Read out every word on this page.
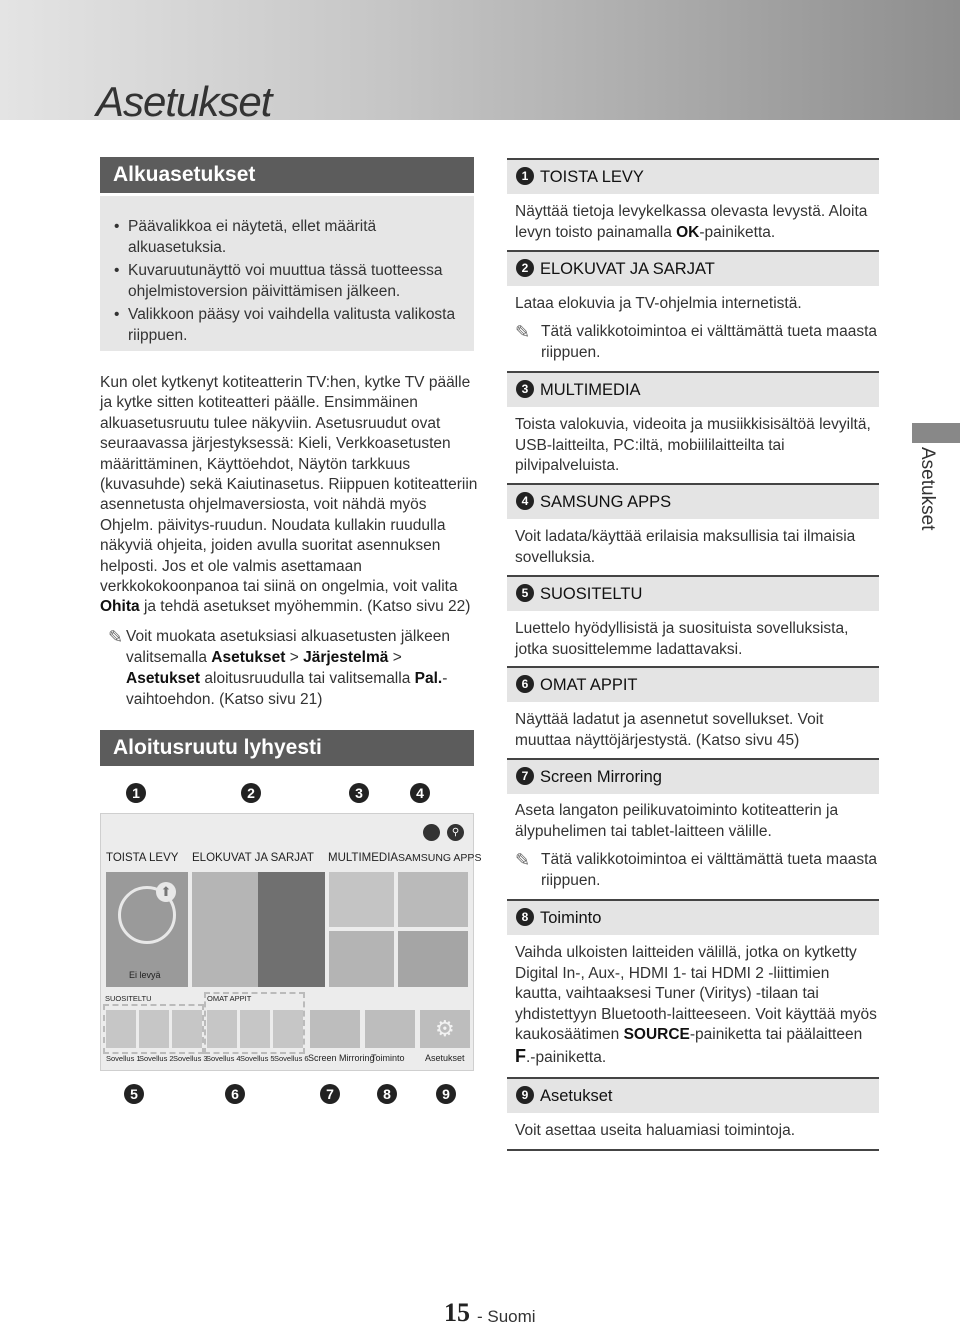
Asetukset
Alkuasetukset
• Päävalikkoa ei näytetä, ellet määritä alkuasetuksia.
• Kuvaruutunäyttö voi muuttua tässä tuotteessa ohjelmistoversion päivittämisen jälkeen.
• Valikkoon pääsy voi vaihdella valitusta valikosta riippuen.
Kun olet kytkenyt kotiteatterin TV:hen, kytke TV päälle ja kytke sitten kotiteatteri päälle. Ensimmäinen alkuasetusruutu tulee näkyviin. Asetusruudut ovat seuraavassa järjestyksessä: Kieli, Verkkoasetusten määrittäminen, Käyttöehdot, Näytön tarkkuus (kuvasuhde) sekä Kaiutinasetus. Riippuen kotiteatteriin asennetusta ohjelmaversiosta, voit nähdä myös Ohjelm. päivitys-ruudun. Noudata kullakin ruudulla näkyviä ohjeita, joiden avulla suoritat asennuksen helposti. Jos et ole valmis asettamaan verkkokokoonpanoa tai siinä on ongelmia, voit valita Ohita ja tehdä asetukset myöhemmin. (Katso sivu 22)
✎ Voit muokata asetuksiasi alkuasetusten jälkeen valitsemalla Asetukset > Järjestelmä > Asetukset aloitusruudulla tai valitsemalla Pal.-vaihtoehdon. (Katso sivu 21)
Aloitusruutu lyhyesti
1	2	3	4
⚲
TOISTA LEVY ELOKUVAT JA SARJAT MULTIMEDIA SAMSUNG APPS
⬆
Ei levyä
SUOSITELTU	OMAT APPIT
⚙
Sovellus 1
Sovellus 2 Sovellus 3
Sovellus 4 Sovellus 5 Sovellus 6 Screen Mirroring
Toiminto Asetukset
5	6	7	8	9
1 TOISTA LEVY
Näyttää tietoja levykelkassa olevasta levystä. Aloita levyn toisto painamalla OK-painiketta.
2 ELOKUVAT JA SARJAT
Lataa elokuvia ja TV-ohjelmia internetistä.
✎ Tätä valikkotoimintoa ei välttämättä tueta maasta riippuen.
3 MULTIMEDIA
Toista valokuvia, videoita ja musiikkisisältöä levyiltä, USB-laitteilta, PC:iltä, mobiililaitteilta tai pilvipalveluista.
4 SAMSUNG APPS
Voit ladata/käyttää erilaisia maksullisia tai ilmaisia sovelluksia.
5 SUOSITELTU
Luettelo hyödyllisistä ja suosituista sovelluksista, jotka suosittelemme ladattavaksi.
6 OMAT APPIT
Näyttää ladatut ja asennetut sovellukset. Voit muuttaa näyttöjärjestystä. (Katso sivu 45)
7 Screen Mirroring
Aseta langaton peilikuvatoiminto kotiteatterin ja älypuhelimen tai tablet-laitteen välille.
✎ Tätä valikkotoimintoa ei välttämättä tueta maasta riippuen.
8 Toiminto
Vaihda ulkoisten laitteiden välillä, jotka on kytketty Digital In-, Aux-, HDMI 1- tai HDMI 2 -liittimien kautta, vaihtaaksesi Tuner (Viritys) -tilaan tai yhdistettyyn Bluetooth-laitteeseen. Voit käyttää myös kaukosäätimen SOURCE-painiketta tai päälaitteen F.-painiketta.
9 Asetukset
Voit asettaa useita haluamiasi toimintoja.
Asetukset
15 - Suomi
